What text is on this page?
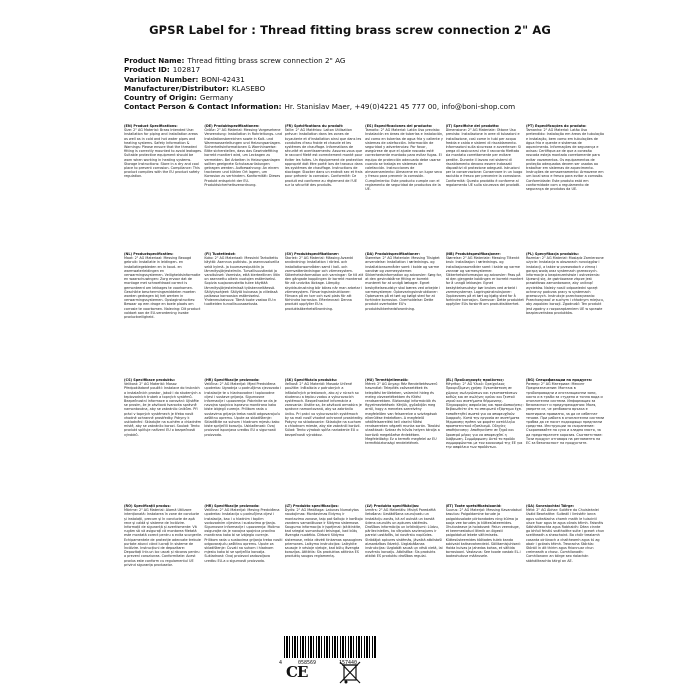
GPSR Label for : Thread fitting brass screw connection 2" AG
Product Name: Thread fitting brass screw connection 2" AG
Product ID: 102817
Variation Number: BONI-42431
Manufacturer/Distributor: KLASEBO
Country of Origin: Germany
Contact Person & Contact Information: Hr. Stanislav Maer, +49(0)4221 45 777 00, info@boni-shop.com
(EN) Product Specifications:
Size: 2" AG Material: Brass Intended Use: Installation for piping and installation areas as well as in cold and hot water pipes and heating systems. Safety Information & Warnings: Please ensure that the threaded fitting is correctly mounted to avoid leakages. Suitable protective equipment should be worn when working in heating systems. Storage Instructions: Store in a dry and cool place to prevent corrosion. Compliance: This product complies with the EU product safety regulation.
(DE) Produktspezifikationen:
Größe: 2" AG Material: Messing Vorgesehene Verwendung: Installation in Rohrleitungs- und Installationsbereichen sowie in Kalt- und Warmwasserleitungen und Heizungsanlagen. Sicherheitsinformationen & Warnhinweise: Bitte sicherstellen, dass das Gewindefitting korrekt montiert wird, um Leckagen zu vermeiden. Bei Arbeiten in Heizungsanlagen sollten geeignete Schutzausrüstungen getragen werden. Aufbewahrung: An einem trockenen und kühlen Ort lagern, um Korrosion zu verhindern. Konformität: Dieses Produkt entspricht der EU-Produktsicherheitsverordnung.
(FR) Spécifications du produit:
Taille: 2" AG Matériau: Laiton Utilisation prévue: Installation dans les zones de tuyauterie et d'installation ainsi que dans les conduites d'eau froide et chaude et les systèmes de chauffage. Informations de sécurité et avertissements: Assurez-vous que le raccord fileté est correctement monté pour éviter les fuites. Un équipement de protection approprié doit être porté lors de travaux dans les systèmes de chauffage. Instructions de stockage: Stocker dans un endroit sec et frais pour prévenir la corrosion. Conformité: Ce produit est conforme au règlement de l'UE sur la sécurité des produits.
(ES) Especificaciones del producto:
Tamaño: 2" AG Material: Latón Uso previsto: Instalación en áreas de tuberías e instalación, así como en tuberías de agua fría y caliente y sistemas de calefacción. Información de seguridad y advertencias: Por favor, asegúrese de que el ajuste roscado esté correctamente montado para evitar fugas. El equipo de protección adecuado debe usarse cuando se trabaja en sistemas de calefacción. Instrucciones de almacenamiento: Almacene en un lugar seco y fresco para prevenir la corrosión. Cumplimiento: Este producto cumple con el reglamento de seguridad de productos de la UE.
(IT) Specifiche del prodotto:
Dimensione: 2" AG Materiale: Ottone Uso previsto: Installazione in aree di tubazioni e installazione, così come in tubi per acqua fredda e calda e sistemi di riscaldamento. Informazioni sulla sicurezza e avvertenze: Si prega di assicurarsi che il raccordo filettato sia montato correttamente per evitare perdite. Durante il lavoro nei sistemi di riscaldamento devono essere indossati dispositivi di protezione adeguati. Istruzioni per la conservazione: Conservare in un luogo asciutto e fresco per prevenire la corrosione. Conformità: Questo prodotto è conforme al regolamento UE sulla sicurezza dei prodotti.
(PT) Especificações do produto:
Tamanho: 2" AG Material: Latão Uso pretendido: Instalação em áreas de tubulação e instalação, bem como em tubulações de água fria e quente e sistemas de aquecimento. Informações de segurança e avisos: Certifique-se de que a conexão roscada esteja montada corretamente para evitar vazamentos. Os equipamentos de proteção adequados devem ser usados ao trabalhar em sistemas de aquecimento. Instruções de armazenamento: Armazene em um local seco e fresco para evitar a corrosão. Conformidade: Este produto está em conformidade com o regulamento de segurança de produtos da UE.
(NL) Productspecificaties:
Maat: 2" AG Materiaal: Messing Beoogd gebruik: Installatie in leidingen- en installatiegebieden en in koud- en warmwaterleidingen en verwarmingssystemen. Veiligheidsinformatie en waarschuwingen: Zorg ervoor dat de montage met schroefdraad correct is gemonteerd om lekkages te voorkomen. Geschikte beschermingsmiddelen moeten worden gedragen bij het werken in verwarmingssystemen. Opslaginstructies: Bewaar op een droge en koele plaats om corrosie te voorkomen. Naleving: Dit product voldoet aan de EU-verordening inzake productveiligheid.
(FI) Tuotetiedot:
Koko: 2" AG Materiaali: Messinki Tarkoitettu käyttö: Asennus putkisto- ja asennusalueilla sekä kylmä- ja kuumavesiputkiin ja lämmitysjärjestelmiin. Turvallisuustiedot ja varoitukset: Varmista, että kierteellinen liitin on asennettu oikein vuotojen estämiseksi. Sopivia suojavarusteita tulee käyttää lämmitysjärjestelmissä työskenneltäessä. Säilytysohjeet: Säilytä kuivassa ja viileässä paikassa korroosion estämiseksi. Yhdenmukaisuus: Tämä tuote vastaa EU:n tuotteiden turvallisuusasetusta.
(SV) Produktspecifikationer:
Storlek: 2" AG Material: Mässing Avsedd användning: Installation i rörled- och installationsområden samt i kall- och varmvattenledningar och värmesystem. Säkerhetsinformation och varningar: Se till att den gängade kopplingen är korrekt monterad för att undvika läckage. Lämplig skyddsutrustning bör bäras när man arbetar i värmesystem. Förvaringsinstruktioner: Förvara på en torr och sval plats för att förhindra korrosion. Efterlevnad: Denna produkt uppfyller EU:s produktsäkerhetsförordning.
(DA) Produktspecifikationer:
Størrelse: 2" AG Materiale: Messing Tilsigtet anvendelse: Installation i rørlednings- og installationsområder samt i kolde og varme vandrør og varmesystemer. Sikkerhedsinformation og advarsler: Sørg for, at den gevindskårne fitting er korrekt monteret for at undgå lækager. Egnet beskyttelsesudstyr skal bæres ved arbejde i varmesystemer. Opbevaringsinstruktioner: Opbevares på et tørt og køligt sted for at forhindre korrosion. Overholdelse: Dette produkt overholder EU's produktsikkerhedsforordning.
(NB) Produktspesifikasjoner:
Størrelse: 2" AG Materiale: Messing Tiltenkt bruk: Installasjon i rørlednings- og installasjonsområder samt i kalde og varme vannrør og varmesystemer. Sikkerhetsinformasjon og advarsler: Pass på at den gjengede koblingen er korrekt montert for å unngå lekkasjer. Egnet beskyttelsesutstyr bør brukes ved arbeid i varmesystemer. Lagringsinstruksjoner: Oppbevares på et tørt og kjølig sted for å forhindre korrosjon. Samsvar: Dette produktet oppfyller EUs forskrift om produktsikkerhet.
(PL) Specyfikacja produktu:
Rozmiar: 2" AG Materiał: Mosiądz Zamierzone użycie: Instalacja w obszarach rurociągów i instalacji, a także w przewodach z zimną i gorącą wodą oraz systemach grzewczych. Informacje o bezpieczeństwie i ostrzeżenia: Upewnij się, że gwintowane złącze jest prawidłowo zamontowane, aby uniknąć wycieków. Należy nosić odpowiedni sprzęt ochronny podczas pracy w systemach grzewczych. Instrukcje przechowywania: Przechowywać w suchym i chłodnym miejscu, aby zapobiec korozji. Zgodność: Ten produkt jest zgodny z rozporządzeniem UE w sprawie bezpieczeństwa produktów.
(CS) Specifikace produktu:
Velikost: 2" AG Materiál: Mosaz Předpokládané použití: Instalace do trubních a instalačních prostor, jakož i do studených a teplovodních trubek a topných systémů. Bezpečnostní informace a varování: Ujistěte se prosím, že je závitová tvarovka správně namontována, aby se zabránilo únikům. Při práci v topných systémech je třeba nosit vhodné ochranné prostředky. Pokyny k uskladnění: Skladujte na suchém a chladném místě, aby se zabránilo korozi. Soulad: Tento produkt splňuje nařízení EU o bezpečnosti výrobků.
(HR) Specifikacije proizvoda:
Veličina: 2" AG Materijal: Mjed Predviđena upotreba: Ugradnja u područjima cjevovoda i instalacije te u hladnovodne i toplovodne cijevi i sustave grijanja. Sigurnosne informacije i upozorenja: Pobrinite se da je navojna spojnica ispravno montirana kako biste izbjegli curenje. Prilikom rada u sustavima grijanja treba nositi odgovarajuću zaštitnu opremu. Upute za skladištenje: Skladištite na suhom i hladnom mjestu kako biste spriječili koroziju. Usklađenost: Ovaj proizvod ispunjava uredbu EU o sigurnosti proizvoda.
(SK) Špecifikácia produktu:
Veľkosť: 2" AG Materiál: Mosadz Určené použitie: Inštalácia v potrubných a inštalačných priestoroch, ako aj v rúrach so studenou a teplou vodou a vykurovacích systémoch. Bezpečnostné informácie a varovania: Uistite sa, že závitová armatúra je správne namontovaná, aby sa zabránilo úniku. Pri práci vo vykurovacích systémoch by sa mali nosiť vhodné ochranné prostriedky. Pokyny na skladovanie: Skladujte na suchom a chladnom mieste, aby ste zabránili korózii. Súlad: Tento výrobok spĺňa nariadenie EÚ o bezpečnosti výrobkov.
(HU) Termékjellemzők:
Méret: 2" AG Anyag: Réz Rendeltetésszerű használat: Telepítés csővezetékek és telepítési területeken, valamint hideg és meleg vízvezetékekben és fűtési rendszerekben. Biztonsági információk és figyelmeztetések: Kérjük, győződjön meg arról, hogy a menetes szerelvény megfelelően van felszerelve a szivárgások elkerülése érdekében. A megfelelő védőfelszerelést kell viselni fűtési rendszereken végzett munka során. Tárolási utasítások: Száraz és hűvös helyen tárolja a korrózió megelőzése érdekében. Megfelelőség: Ez a termék megfelel az EU termékbiztonsági rendeletének.
(EL) Προδιαγραφές προϊόντος:
Μέγεθος: 2" AG Υλικό: Ορείχαλκος Προοριζόμενη χρήση: Εγκατάσταση σε χώρους σωληνώσεων και εγκαταστάσεων καθώς και σε σωλήνες κρύου και ζεστού νερού και συστήματα θέρμανσης. Πληροφορίες ασφαλείας και προειδοποιήσεις: Βεβαιωθείτε ότι το σπειρωτό εξάρτημα έχει τοποθετηθεί σωστά για να αποφευχθούν διαρροές. Κατά την εργασία σε συστήματα θέρμανσης πρέπει να φοράτε κατάλληλο προστατευτικό εξοπλισμό. Οδηγίες αποθήκευσης: Αποθηκεύστε σε ξηρό και δροσερό μέρος για να αποφευχθεί η διάβρωση. Συμμόρφωση: Αυτό το προϊόν συμμορφώνεται με τον κανονισμό της ΕΕ για την ασφάλεια των προϊόντων.
(BG) Спецификации на продукта:
Размер: 2" AG Материал: Месинг Предназначение: Монтаж в тръбопроводни и инсталационни зони, както и в тръби за студена и топла вода и отоплителни системи. Информация за безопасност и предупреждения: Моля, уверете се, че резбовата връзка е монтирана правилно, за да се избегнат течове. При работа в отоплителни системи трябва да се носят подходящи предпазни средства. Инструкции за съхранение: Съхранявайте на сухо и хладно място, за да предотвратите корозия. Съответствие: Този продукт отговаря на регламента на ЕС за безопасност на продуктите.
(RO) Specificații produs:
Mărime: 2" AG Material: Alamă Utilizare intenționată: Instalarea în zone de conducte și instalații, precum și în conducte de apă rece și caldă și sisteme de încălzire. Informații de siguranță și avertismente: Vă rugăm să vă asigurați că montarea filetată este montată corect pentru a evita scurgerile. Echipamentele de protecție adecvate trebuie purtate atunci când lucrați în sisteme de încălzire. Instrucțiuni de depozitare: Depozitați într-un loc uscat și răcoros pentru a preveni coroziunea. Conformitate: Acest produs este conform cu regulamentul UE privind siguranța produselor.
(HR) Specifikacije proizvoda:
Veličina: 2" AG Materijal: Mesing Predviđena upotreba: Instalacija u područjima cijevi i instalacija, kao i u hladnim i toplim vodovodnim cijevima i sustavima grijanja. Sigurnosne informacije i upozorenja: Molimo osigurajte da je navojna spojnica pravilno montirana kako bi se izbjeglo curenje. Prilikom rada u sustavima grijanja treba nositi odgovarajuću zaštitnu opremu. Upute za skladištenje: Čuvati na suhom i hladnom mjestu kako bi se spriječila korozija. Sukladnost: Ovaj proizvod zadovoljava uredbu EU-a o sigurnosti proizvoda.
(LT) Produkto specifikacijos:
Dydis: 2" AG Medžiaga: Latunas Numatytas naudojimas: Montavimas Eidymų ir montavimo zonose, taip pat šaltojo ir karštojo vandens vamzdžiuose ir šildymo sistemose. Saugumo informacija ir įspėjimai: Įsitikinkite, kad sriegiai sumontuoti teisingai, kad būtų išvengta nuotėkio. Dirbant šildymo sistemose, reikia dėvėti tinkamas apsaugines priemones. Laikymo instrukcijos: Laikykite sausoje ir vėsioje vietoje, kad būtų išvengta korozijos. Atitiktis: Šis produktas atitinka ES produktų saugos reglamentą.
(LV) Produkta specifikācijas:
Izmērs: 2" AG Materiāls: Misiņš Paredzētā lietošana: Uzstādīšana cauruļvadu un instalāciju zonās, kā arī aukstā un karstā ūdens caurulēs un apkures sistēmās. Drošības informācija un brīdinājumi: Lūdzu, pārliecinieties, ka vītņotais savienojums ir pareizi uzstādīts, lai novērstu noplūdes. Strādājot apkures sistēmās, jāvalkā atbilstoši aizsardzības līdzekļi. Uzglabāšanas instrukcijas: Uzglabāt sausā un vēsā vietā, lai novērstu koroziju. Atbilstība: Šis produkts atbilst ES produktu drošības regulai.
(ET) Toote spetsifikatsioonid:
Suurus: 2" AG Materjal: Messing Kavandatud kasutus: Paigaldamine torude ja paigaldusalade piirkondades ning külma ja sooja vee torudes ja küttesüsteemides. Ohutusteave ja hoiatused: Palun veenduge, et keermestatud liitmik on õigesti paigaldatud lekete vältimiseks. Küttesüsteemides töötades tuleb kanda sobivaid kaitsevahendeid. Säilitamisjuhised: Hoida kuivas ja jahedas kohas, et vältida korrosiooni. Vastavus: See toode vastab EL-i tooteohutuse määrusele.
(GA) Sonraíochtaí Táirge:
Méid: 2" AG Ábhar: Soiléire do Chuisleánlei Úsáid Beartaithe: Suiteáil i limistéir ionra agus suiteálacha chomh maith le tuiscintí uisce fuar agus te agus córais téimh. Faisnéis Sábháilteachta agus Rabhaidh: Déan cinnte go bhfuil feistiú snáthaithe suite i gceart chun sceitheadh a sheachaint. Ba chóir trealamh cosanta oiriúnach a chaitheamh agus tú ag obair i gcórais téimh. Treoracha Stórála: Stóráil in áit thirim agus fhionnuar chun creimeadh a chosc. Comhlíonadh: Comhlíonann an táirge seo rialachán sábháilteachta táirgí an AE.
4	058569	157440
CE
